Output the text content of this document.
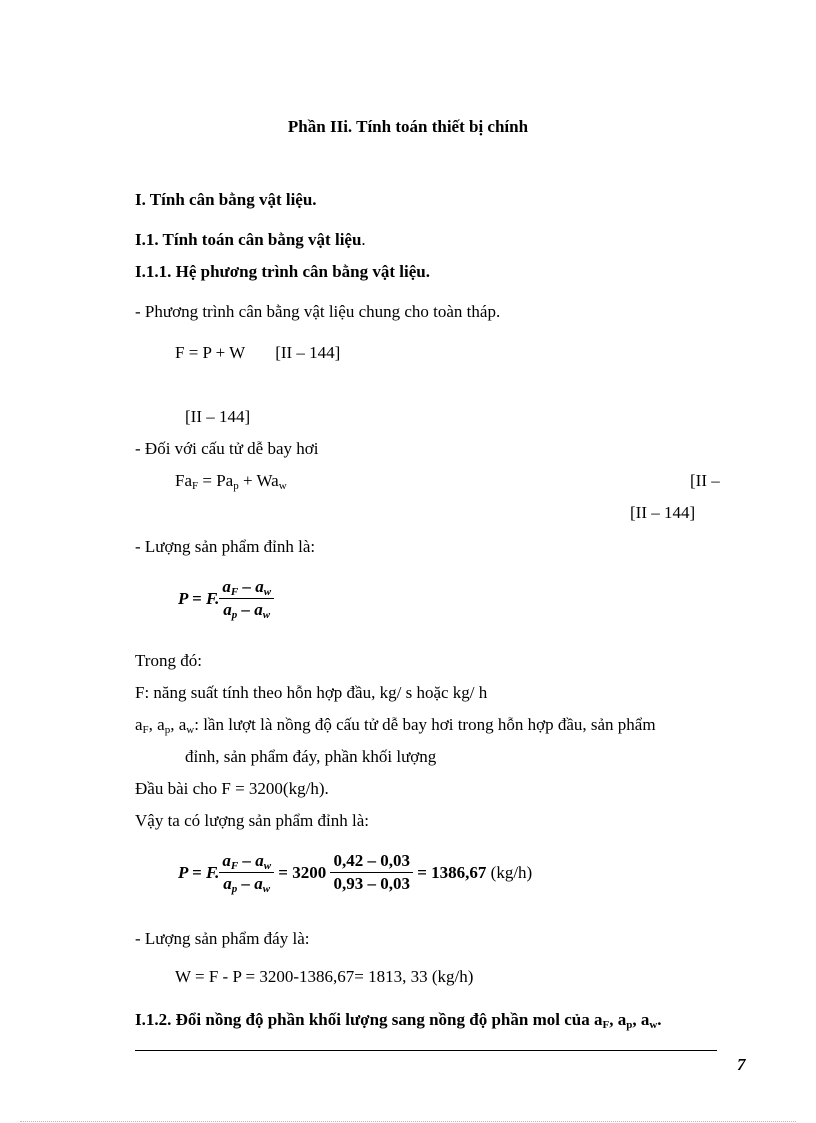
Phần IIi. Tính toán thiết bị chính
I. Tính cân bằng vật liệu.
I.1. Tính toán cân bằng vật liệu.
I.1.1. Hệ phương trình cân bằng vật liệu.
- Phương trình cân bằng vật liệu chung cho toàn tháp.
F = P + W [II – 144]
[II – 144]
- Đối với cấu tử dễ bay hơi
$Fa_F = Pa_p + Wa_w$	[II –
[II – 144]
- Lượng sản phẩm đỉnh là:
P = F. $\frac{a_F - a_w}{a_p - a_w}$
Trong đó:
F: năng suất tính theo hỗn hợp đầu, kg/ s hoặc kg/ h
$a_F$, $a_p$, $a_w$: lần lượt là nồng độ cấu tử dễ bay hơi trong hỗn hợp đầu, sản phẩm
đỉnh, sản phẩm đáy, phần khối lượng
Đầu bài cho F = 3200(kg/h).
Vậy ta có lượng sản phẩm đỉnh là:
P = F. $\frac{a_F - a_w}{a_p - a_w} = 3200 \frac{0,42 - 0,03}{0,93 - 0,03} = 1386,67$ (kg/h)
- Lượng sản phẩm đáy là:
W = F - P = 3200-1386,67= 1813, 33 (kg/h)
I.1.2. Đổi nồng độ phần khối lượng sang nồng độ phần mol của $a_F$, $a_p$, $a_w$.
7
